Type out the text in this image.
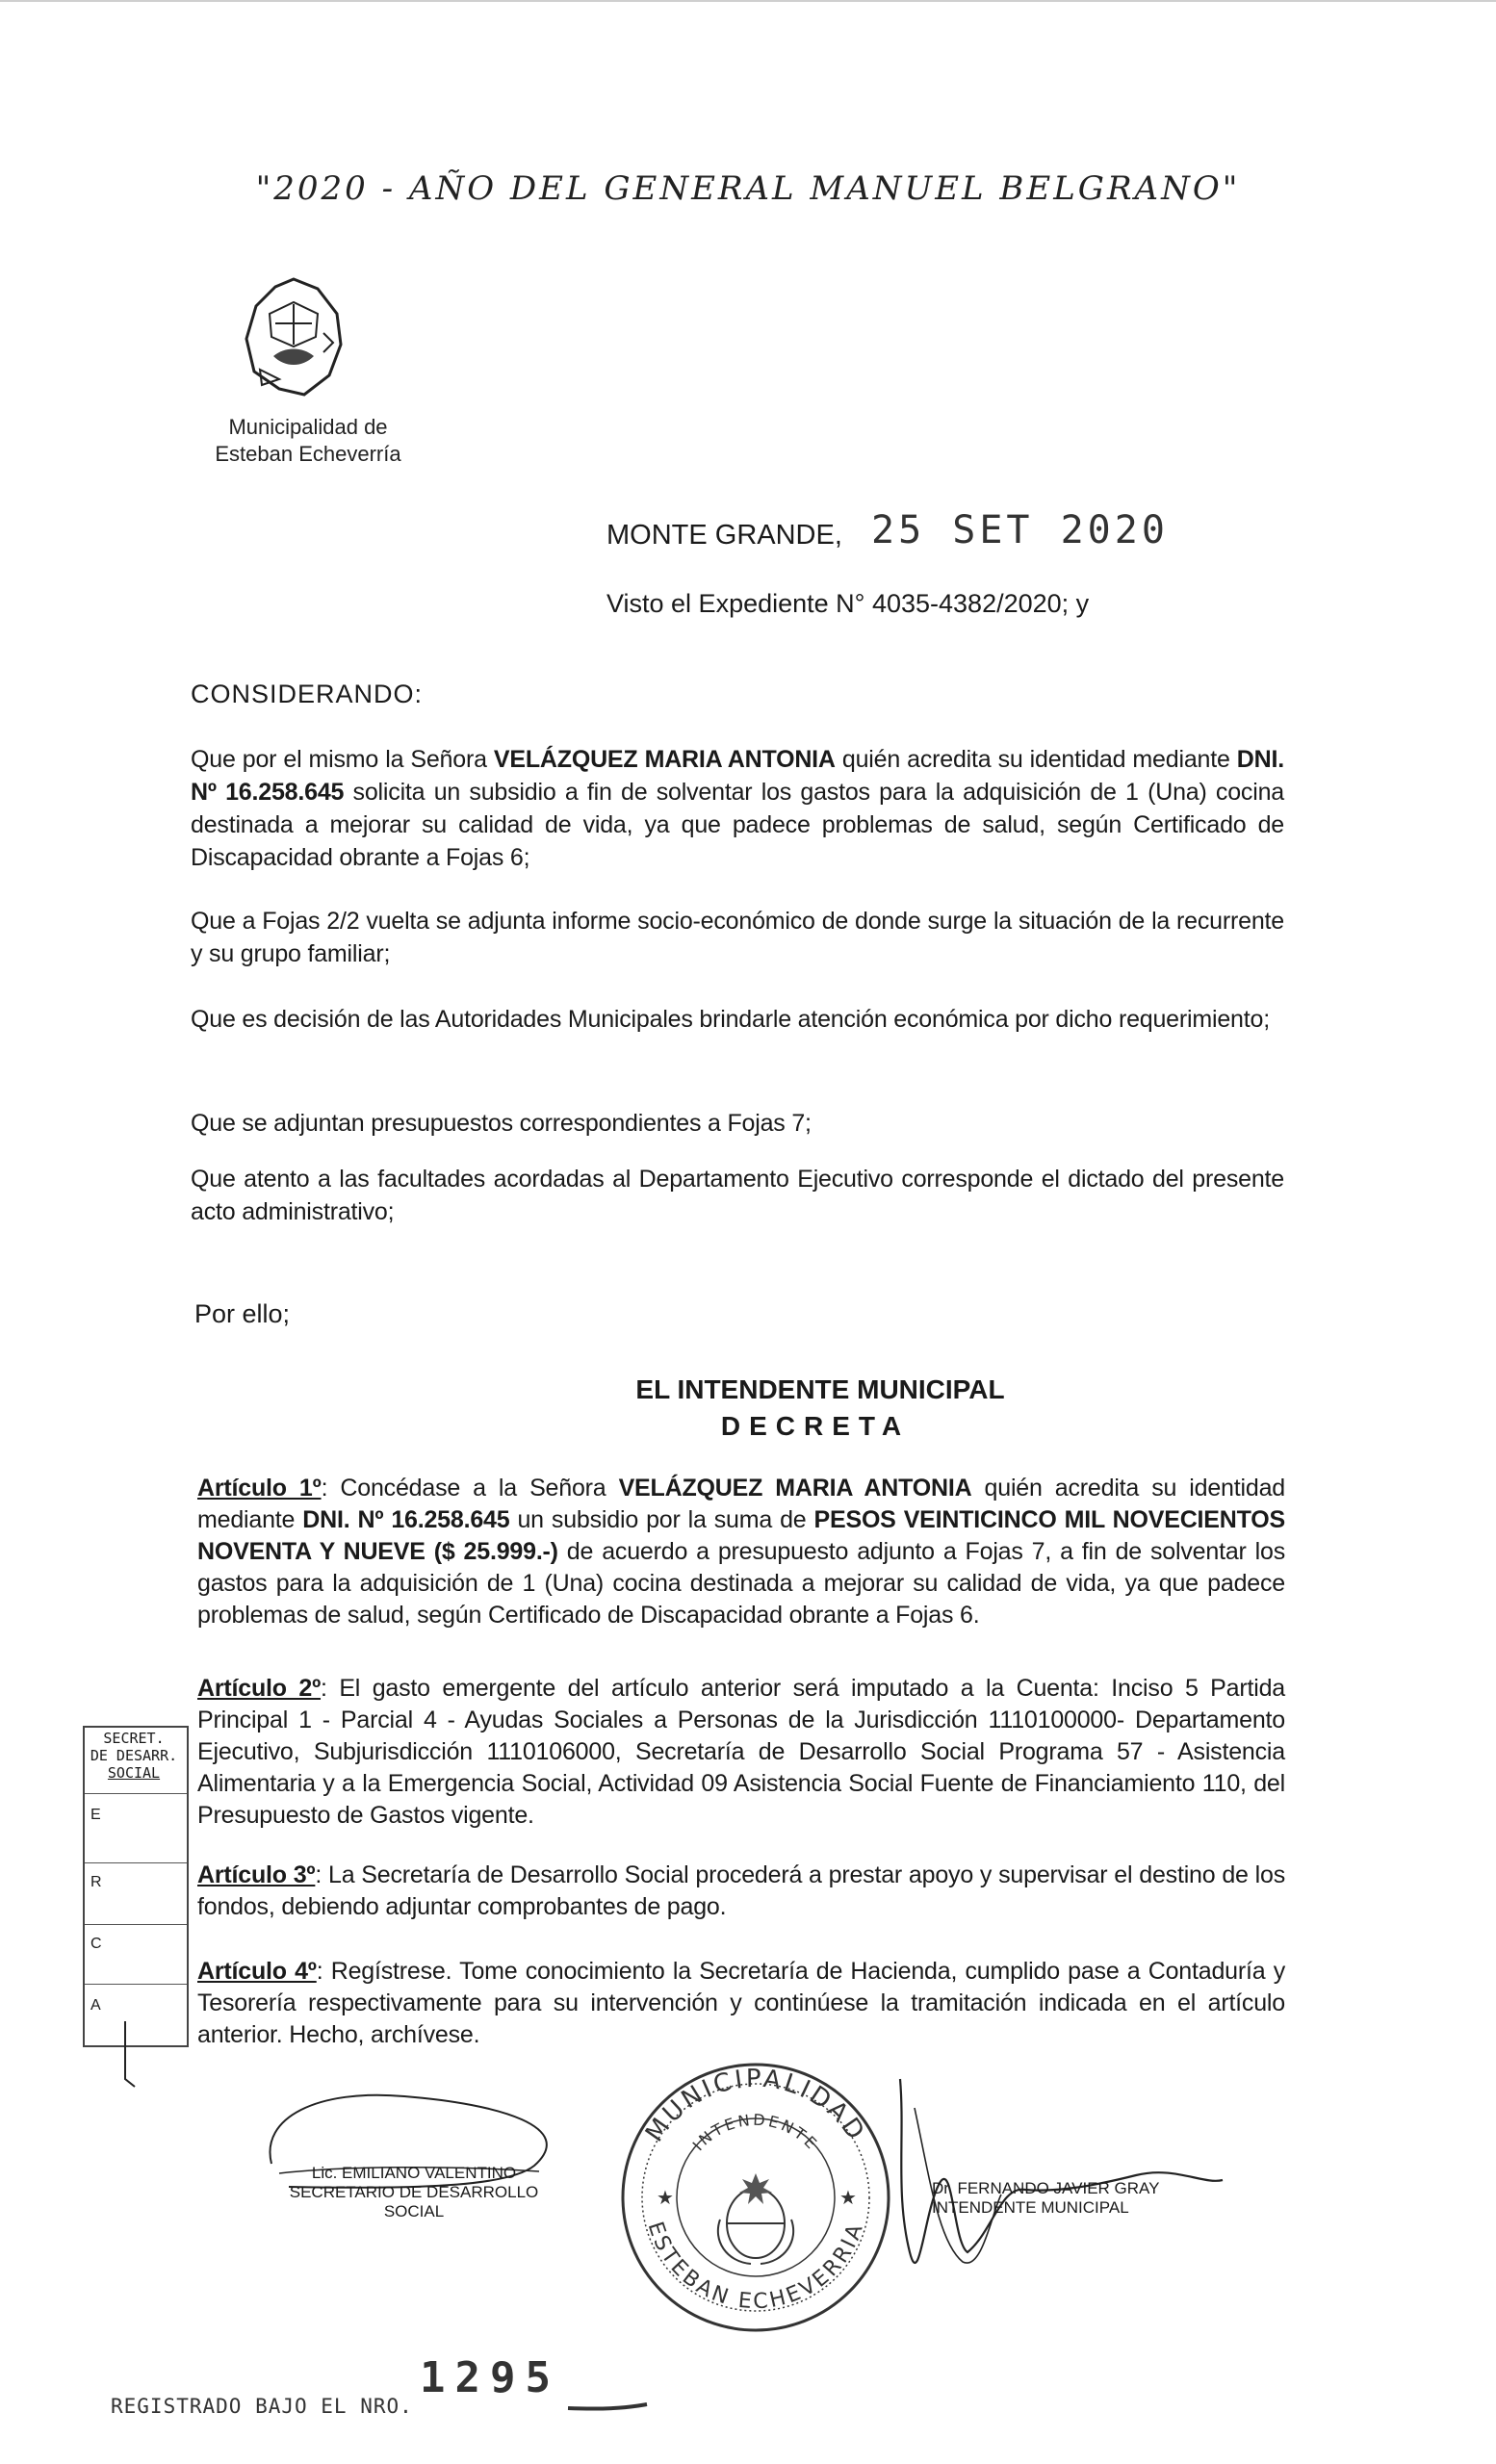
"2020 - AÑO DEL GENERAL MANUEL BELGRANO"
Municipalidad de
Esteban Echeverría
MONTE GRANDE, 25 SET 2020
Visto el Expediente N° 4035-4382/2020; y
CONSIDERANDO:
Que por el mismo la Señora VELÁZQUEZ MARIA ANTONIA quién acredita su identidad mediante DNI. Nº 16.258.645 solicita un subsidio a fin de solventar los gastos para la adquisición de 1 (Una) cocina destinada a mejorar su calidad de vida, ya que padece problemas de salud, según Certificado de Discapacidad obrante a Fojas 6;
Que a Fojas 2/2 vuelta se adjunta informe socio-económico de donde surge la situación de la recurrente y su grupo familiar;
Que es decisión de las Autoridades Municipales brindarle atención económica por dicho requerimiento;
Que se adjuntan presupuestos correspondientes a Fojas 7;
Que atento a las facultades acordadas al Departamento Ejecutivo corresponde el dictado del presente acto administrativo;
Por ello;
EL INTENDENTE MUNICIPAL
DECRETA
Artículo 1º: Concédase a la Señora VELÁZQUEZ MARIA ANTONIA quién acredita su identidad mediante DNI. Nº 16.258.645 un subsidio por la suma de PESOS VEINTICINCO MIL NOVECIENTOS NOVENTA Y NUEVE ($ 25.999.-) de acuerdo a presupuesto adjunto a Fojas 7, a fin de solventar los gastos para la adquisición de 1 (Una) cocina destinada a mejorar su calidad de vida, ya que padece problemas de salud, según Certificado de Discapacidad obrante a Fojas 6.
Artículo 2º: El gasto emergente del artículo anterior será imputado a la Cuenta: Inciso 5 Partida Principal 1 - Parcial 4 - Ayudas Sociales a Personas de la Jurisdicción 1110100000- Departamento Ejecutivo, Subjurisdicción 1110106000, Secretaría de Desarrollo Social Programa 57 - Asistencia Alimentaria y a la Emergencia Social, Actividad 09 Asistencia Social Fuente de Financiamiento 110, del Presupuesto de Gastos vigente.
Artículo 3º: La Secretaría de Desarrollo Social procederá a prestar apoyo y supervisar el destino de los fondos, debiendo adjuntar comprobantes de pago.
Artículo 4º: Regístrese. Tome conocimiento la Secretaría de Hacienda, cumplido pase a Contaduría y Tesorería respectivamente para su intervención y continúese la tramitación indicada en el artículo anterior. Hecho, archívese.
E
R
C
A
SECRET.
DE DESARR.
SOCIAL
MUNICIPALIDAD
INTENDENTE
ESTEBAN ECHEVERRIA
★	★
Lic. EMILIANO VALENTINO
SECRETARIO DE DESARROLLO
SOCIAL
Dr. FERNANDO JAVIER GRAY
INTENDENTE MUNICIPAL
1295
REGISTRADO BAJO EL NRO.
